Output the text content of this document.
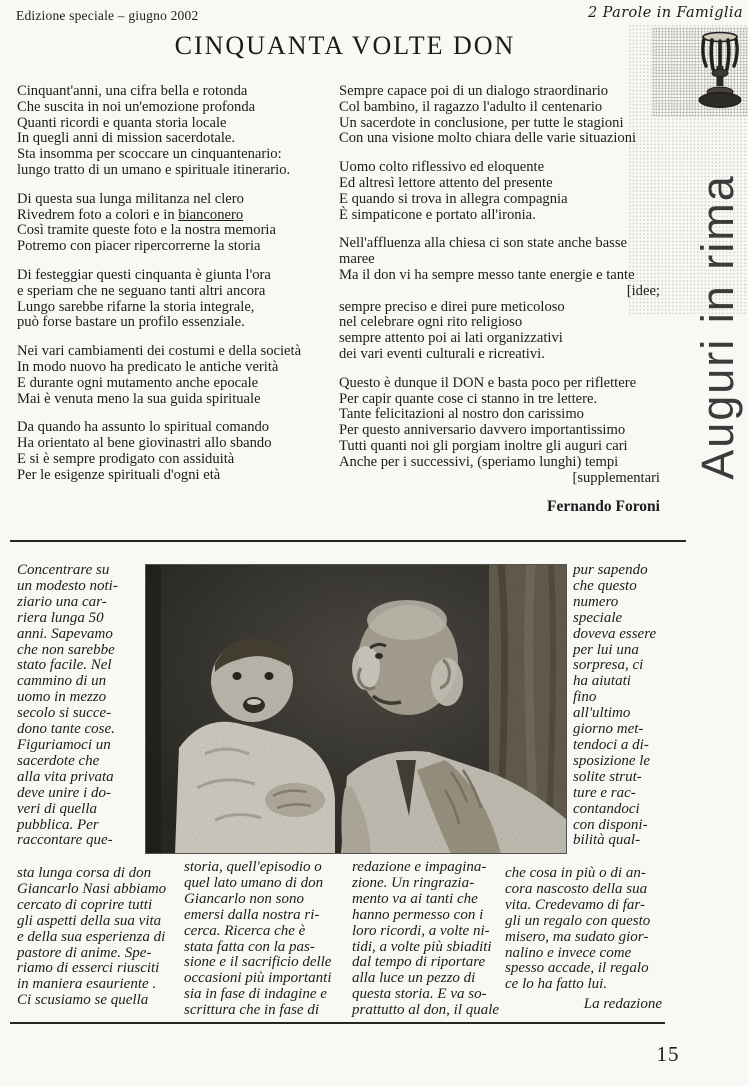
Edizione speciale – giugno 2002	2 Parole in Famiglia
Auguri in rima
CINQUANTA VOLTE DON
Cinquant'anni, una cifra bella e rotonda
Che suscita in noi un'emozione profonda
Quanti ricordi e quanta storia locale
In quegli anni di mission sacerdotale.
Sta insomma per scoccare un cinquantenario:
lungo tratto di un umano e spirituale itinerario.
Di questa sua lunga militanza nel clero
Rivedrem foto a colori e in bianconero
Così tramite queste foto e la nostra memoria
Potremo con piacer ripercorrerne la storia
Di festeggiar questi cinquanta è giunta l'ora
e speriam che ne seguano tanti altri ancora
Lungo sarebbe rifarne la storia integrale,
può forse bastare un profilo essenziale.
Nei vari cambiamenti dei costumi e della società
In modo nuovo ha predicato le antiche verità
E durante ogni mutamento anche epocale
Mai è venuta meno la sua guida spirituale
Da quando ha assunto lo spiritual comando
Ha orientato al bene giovinastri allo sbando
E si è sempre prodigato con assiduità
Per le esigenze spirituali d'ogni età
Sempre capace poi di un dialogo straordinario
Col bambino, il ragazzo l'adulto il centenario
Un sacerdote in conclusione, per tutte le stagioni
Con una visione molto chiara delle varie situazioni
Uomo colto riflessivo ed eloquente
Ed altresì lettore attento del presente
E quando si trova in allegra compagnia
È simpaticone e portato all'ironia.
Nell'affluenza alla chiesa ci son state anche basse
maree
Ma il don vi ha sempre messo tante energie e tante
[idee;
sempre preciso e direi pure meticoloso
nel celebrare ogni rito religioso
sempre attento poi ai lati organizzativi
dei vari eventi culturali e ricreativi.
Questo è dunque il DON e basta poco per riflettere
Per capir quante cose ci stanno in tre lettere.
Tante felicitazioni al nostro don carissimo
Per questo anniversario davvero importantissimo
Tutti quanti noi gli porgiam inoltre gli auguri cari
Anche per i successivi, (speriamo lunghi) tempi
[supplementari
Fernando Foroni
Concentrare su
un modesto noti-
ziario una car-
riera lunga 50
anni. Sapevamo
che non sarebbe
stato facile. Nel
cammino di un
uomo in mezzo
secolo si succe-
dono tante cose.
Figuriamoci un
sacerdote che
alla vita privata
deve unire i do-
veri di quella
pubblica. Per
raccontare que-
sta lunga corsa di don
Giancarlo Nasi abbiamo
cercato di coprire tutti
gli aspetti della sua vita
e della sua esperienza di
pastore di anime. Spe-
riamo di esserci riusciti
in maniera esauriente .
Ci scusiamo se quella
storia, quell'episodio o
quel lato umano di don
Giancarlo non sono
emersi dalla nostra ri-
cerca. Ricerca che è
stata fatta con la pas-
sione e il sacrificio delle
occasioni più importanti
sia in fase di indagine e
scrittura che in fase di
redazione e impagina-
zione. Un ringrazia-
mento va ai tanti che
hanno permesso con i
loro ricordi, a volte ni-
tidi, a volte più sbiaditi
dal tempo di riportare
alla luce un pezzo di
questa storia. E va so-
prattutto al don, il quale
pur sapendo
che questo
numero
speciale
doveva essere
per lui una
sorpresa, ci
ha aiutati
fino
all'ultimo
giorno met-
tendoci a di-
sposizione le
solite strut-
ture e rac-
contandoci
con disponi-
bilità qual-
che cosa in più o di an-
cora nascosto della sua
vita. Credevamo di far-
gli un regalo con questo
misero, ma sudato gior-
nalino e invece come
spesso accade, il regalo
ce lo ha fatto lui.
La redazione
15
